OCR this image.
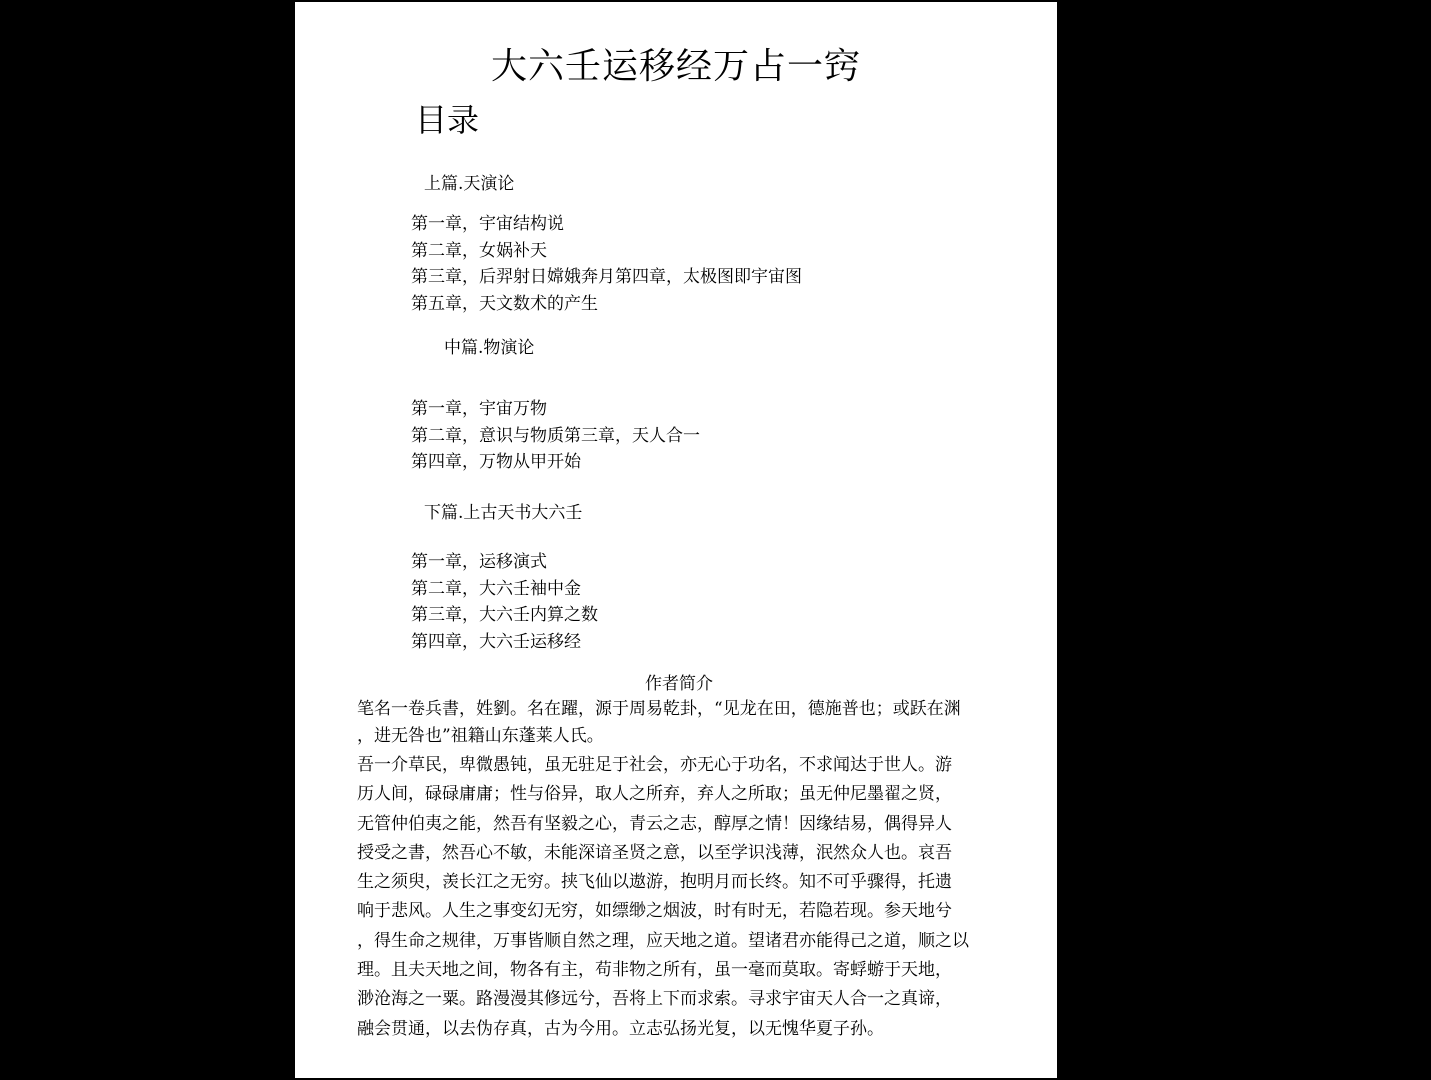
大六壬运移经万占一窍
目录
上篇.天演论
第一章，宇宙结构说
第二章，女娲补天
第三章，后羿射日嫦娥奔月第四章，太极图即宇宙图
第五章，天文数术的产生
中篇.物演论
第一章，宇宙万物
第二章，意识与物质第三章，天人合一
第四章，万物从甲开始
下篇.上古天书大六壬
第一章，运移演式
第二章，大六壬袖中金
第三章，大六壬内算之数
第四章，大六壬运移经
作者简介

笔名一卷兵書，姓劉。名在躍，源于周易乾卦，“见龙在田，德施普也；或跃在渊
，进无咎也”祖籍山东蓬莱人氏。

吾一介草民，卑微愚钝，虽无驻足于社会，亦无心于功名，不求闻达于世人。游
历人间，碌碌庸庸；性与俗异，取人之所弃，弃人之所取；虽无仲尼墨翟之贤，
无管仲伯夷之能，然吾有坚毅之心，青云之志，醇厚之情！因缘结易，偶得异人
授受之書，然吾心不敏，未能深谙圣贤之意，以至学识浅薄，泯然众人也。哀吾
生之须臾，羡长江之无穷。挟飞仙以遨游，抱明月而长终。知不可乎骤得，托遗
响于悲风。人生之事变幻无穷，如缥缈之烟波，时有时无，若隐若现。参天地兮
，得生命之规律，万事皆顺自然之理，应天地之道。望诸君亦能得己之道，顺之以
理。且夫天地之间，物各有主，苟非物之所有，虽一毫而莫取。寄蜉蝣于天地，
渺沧海之一粟。路漫漫其修远兮，吾将上下而求索。寻求宇宙天人合一之真谛，
融会贯通，以去伪存真，古为今用。立志弘扬光复，以无愧华夏子孙。
